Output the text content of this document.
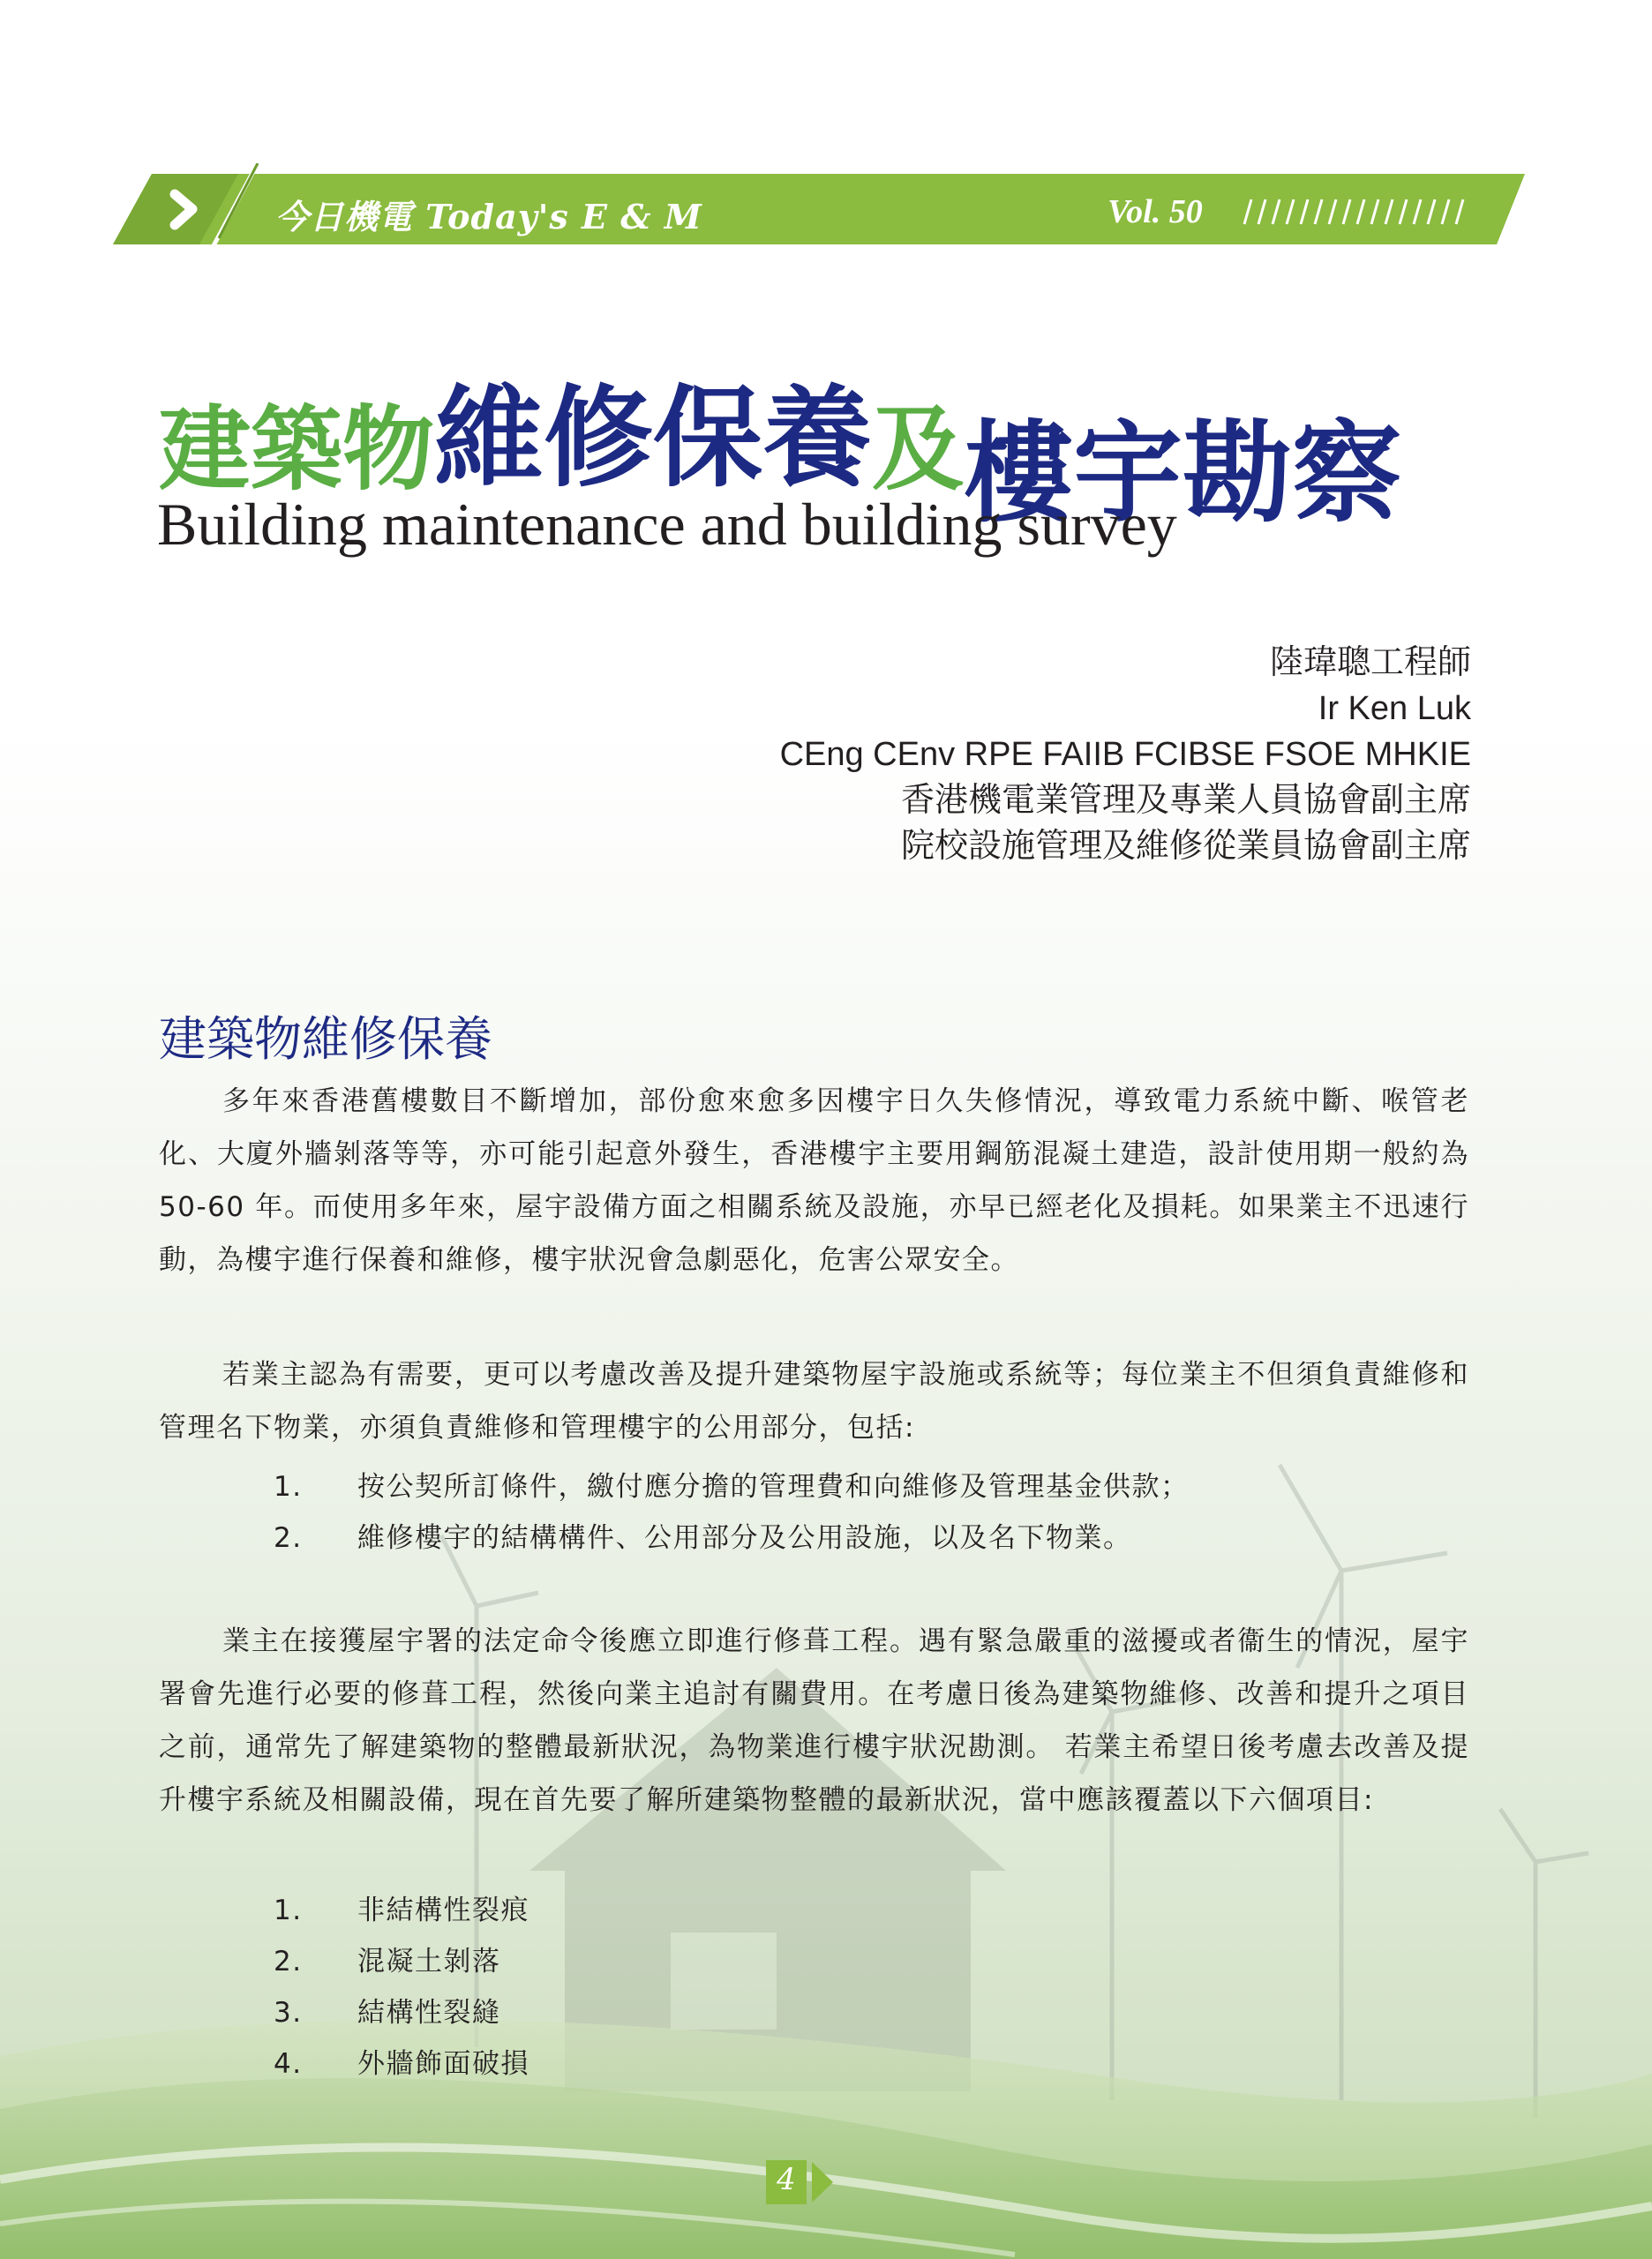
今日機電 Today's E & M	Vol. 50
建築物維修保養及樓宇勘察
Building maintenance and building survey
陸瑋聰工程師
Ir Ken Luk
CEng CEnv RPE FAIIB FCIBSE FSOE MHKIE
香港機電業管理及專業人員協會副主席
院校設施管理及維修從業員協會副主席
建築物維修保養

多年來香港舊樓數目不斷增加，部份愈來愈多因樓宇日久失修情況，導致電力系統中斷、喉管老化、大廈外牆剝落等等，亦可能引起意外發生，香港樓宇主要用鋼筋混凝土建造，設計使用期一般約為 50-60 年。而使用多年來，屋宇設備方面之相關系統及設施，亦早已經老化及損耗。如果業主不迅速行動，為樓宇進行保養和維修，樓宇狀況會急劇惡化，危害公眾安全。

若業主認為有需要，更可以考慮改善及提升建築物屋宇設施或系統等；每位業主不但須負責維修和管理名下物業，亦須負責維修和管理樓宇的公用部分，包括:

1. 按公契所訂條件，繳付應分擔的管理費和向維修及管理基金供款；
2. 維修樓宇的結構構件、公用部分及公用設施，以及名下物業。

業主在接獲屋宇署的法定命令後應立即進行修葺工程。遇有緊急嚴重的滋擾或者衞生的情況，屋宇署會先進行必要的修葺工程，然後向業主追討有關費用。在考慮日後為建築物維修、改善和提升之項目之前，通常先了解建築物的整體最新狀況，為物業進行樓宇狀況勘測。 若業主希望日後考慮去改善及提升樓宇系統及相關設備，現在首先要了解所建築物整體的最新狀況，當中應該覆蓋以下六個項目:

1. 非結構性裂痕
2. 混凝土剝落
3. 結構性裂縫
4. 外牆飾面破損
4
